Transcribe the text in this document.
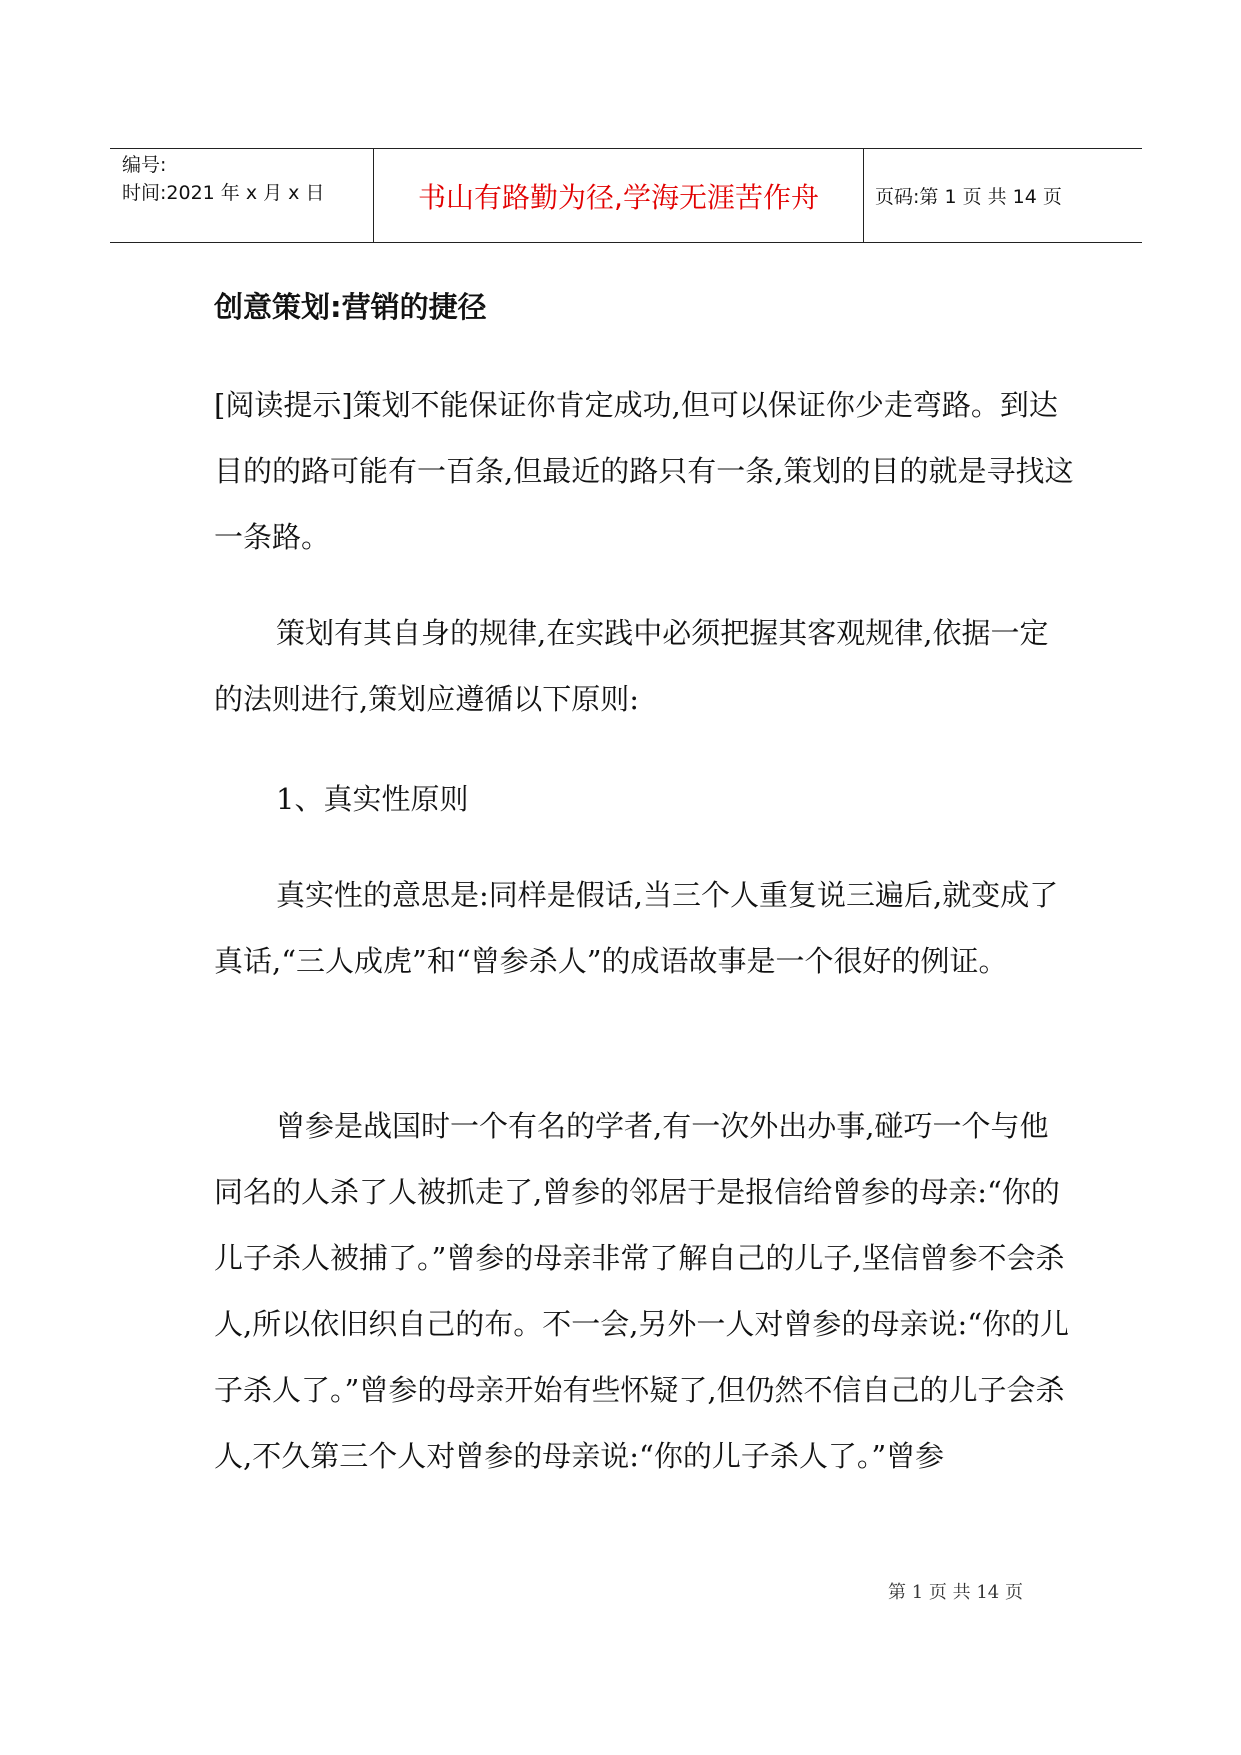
编号:
时间:2021 年 x 月 x 日	书山有路勤为径,学海无涯苦作舟	页码:第 1 页 共 14 页
创意策划:营销的捷径

[阅读提示]策划不能保证你肯定成功,但可以保证你少走弯路。到达目的的路可能有一百条,但最近的路只有一条,策划的目的就是寻找这一条路。

策划有其自身的规律,在实践中必须把握其客观规律,依据一定的法则进行,策划应遵循以下原则:

1、真实性原则

真实性的意思是:同样是假话,当三个人重复说三遍后,就变成了真话,“三人成虎”和“曾参杀人”的成语故事是一个很好的例证。

曾参是战国时一个有名的学者,有一次外出办事,碰巧一个与他同名的人杀了人被抓走了,曾参的邻居于是报信给曾参的母亲:“你的儿子杀人被捕了。”曾参的母亲非常了解自己的儿子,坚信曾参不会杀人,所以依旧织自己的布。不一会,另外一人对曾参的母亲说:“你的儿子杀人了。”曾参的母亲开始有些怀疑了,但仍然不信自己的儿子会杀人,不久第三个人对曾参的母亲说:“你的儿子杀人了。”曾参

第 1 页 共 14 页
